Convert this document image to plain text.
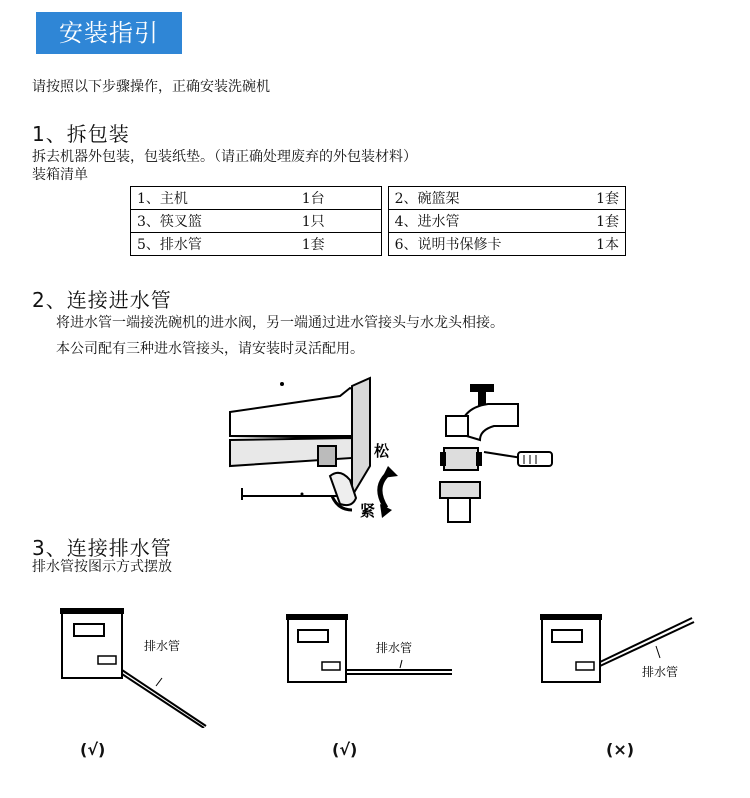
安装指引
请按照以下步骤操作，正确安装洗碗机
1、拆包装
拆去机器外包装，包装纸垫。（请正确处理废弃的外包装材料）
装箱清单
1、主机 1台		2、碗篮架 1套

3、筷叉篮 1只		4、进水管 1套

5、排水管 1套		6、说明书保修卡 1本
2、连接进水管
将进水管一端接洗碗机的进水阀，另一端通过进水管接头与水龙头相接。
本公司配有三种进水管接头，请安装时灵活配用。
松
紧
3、连接排水管
排水管按图示方式摆放
排水管
(√)
排水管
(√)
排水管
(×)
